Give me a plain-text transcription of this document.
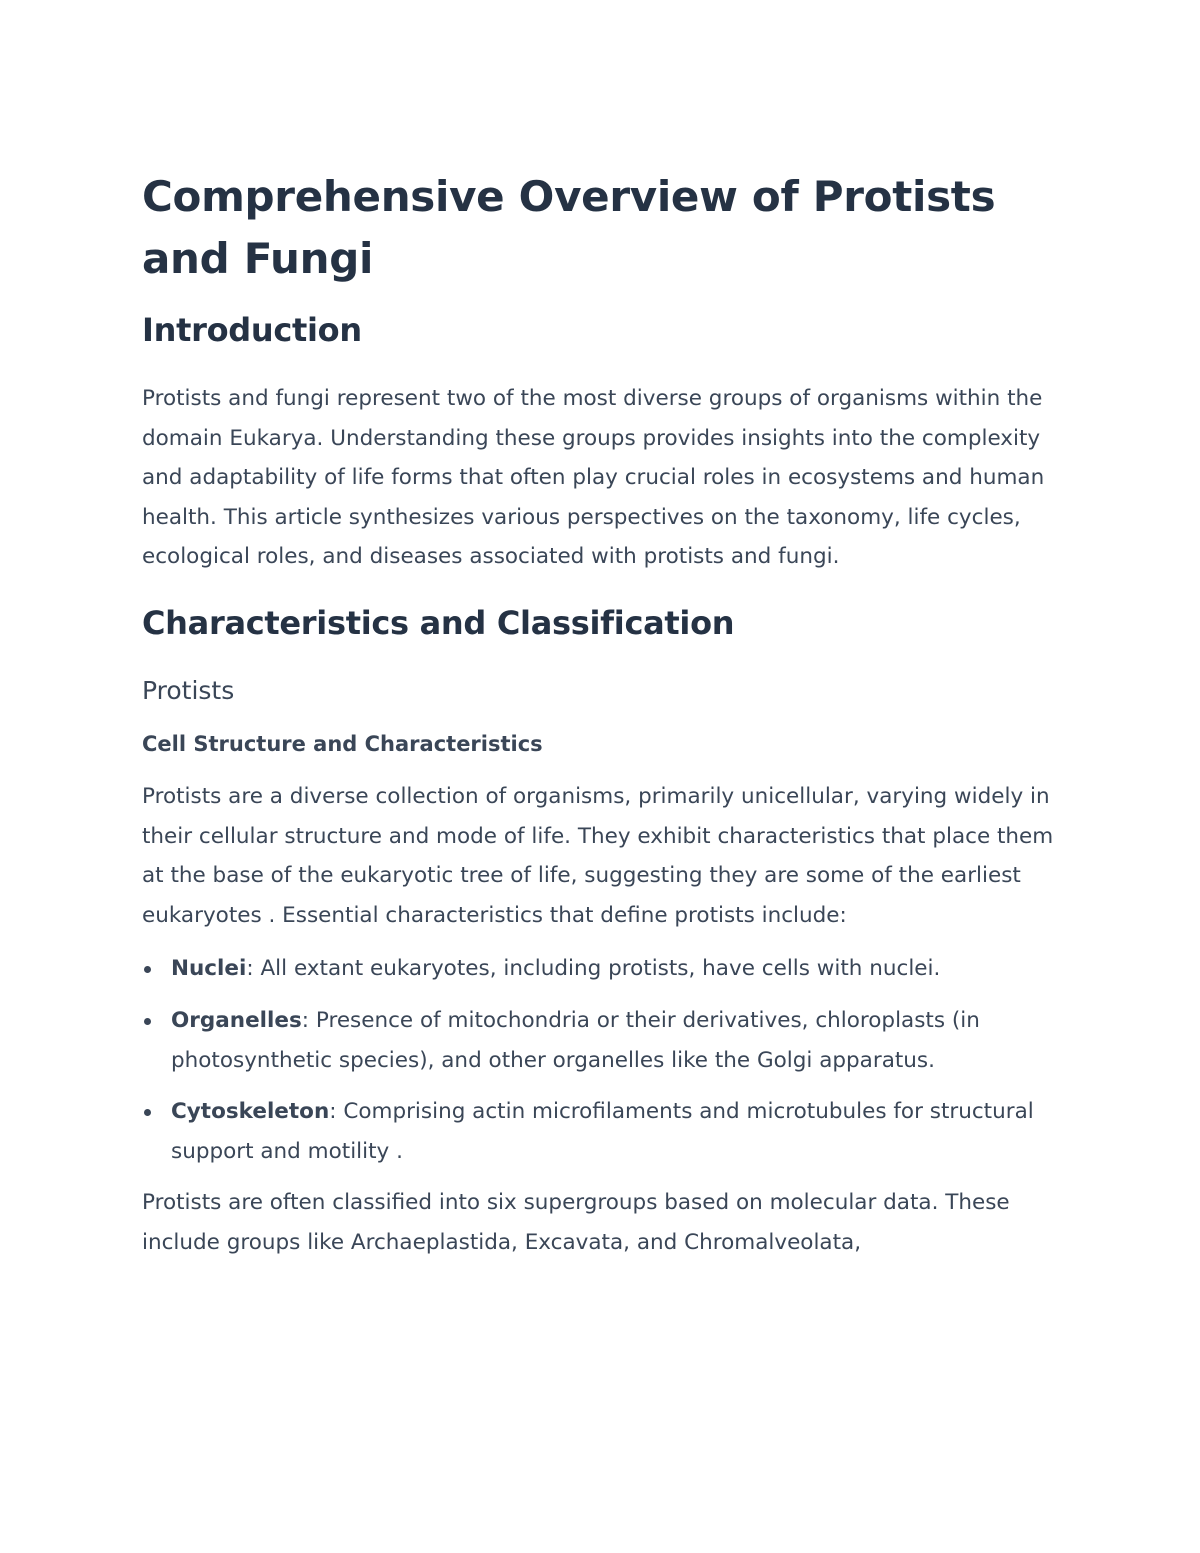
Comprehensive Overview of Protists and Fungi
Introduction

Protists and fungi represent two of the most diverse groups of organisms within the domain Eukarya. Understanding these groups provides insights into the complexity and adaptability of life forms that often play crucial roles in ecosystems and human health. This article synthesizes various perspectives on the taxonomy, life cycles, ecological roles, and diseases associated with protists and fungi.

Characteristics and Classification
Protists
Cell Structure and Characteristics

Protists are a diverse collection of organisms, primarily unicellular, varying widely in their cellular structure and mode of life. They exhibit characteristics that place them at the base of the eukaryotic tree of life, suggesting they are some of the earliest eukaryotes . Essential characteristics that define protists include:

Nuclei: All extant eukaryotes, including protists, have cells with nuclei.
Organelles: Presence of mitochondria or their derivatives, chloroplasts (in photosynthetic species), and other organelles like the Golgi apparatus.
Cytoskeleton: Comprising actin microfilaments and microtubules for structural support and motility .

Protists are often classified into six supergroups based on molecular data. These include groups like Archaeplastida, Excavata, and Chromalveolata,
